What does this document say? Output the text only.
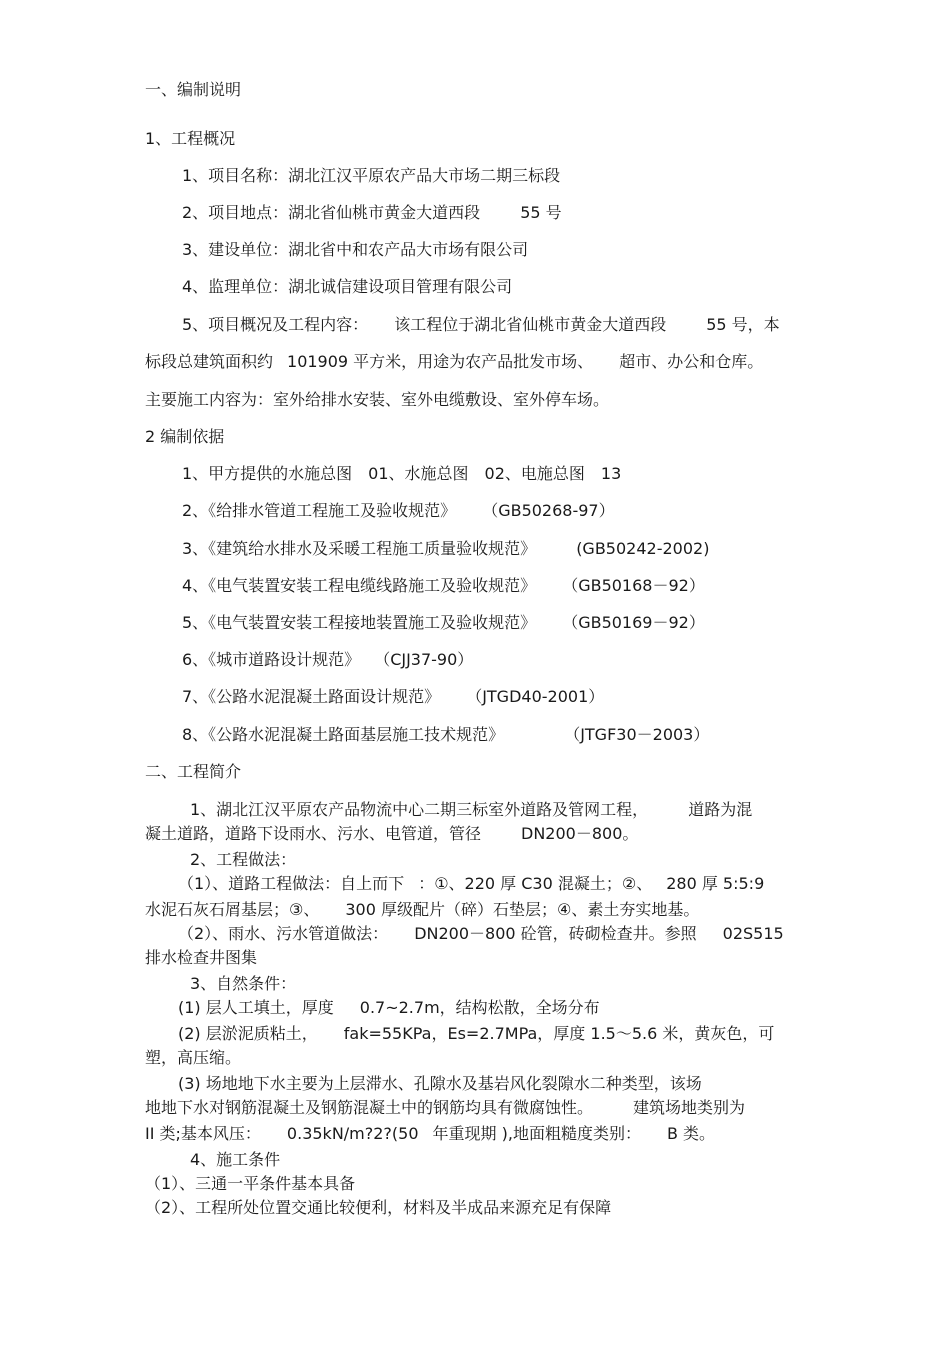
一、编制说明
1、工程概况
1、项目名称：湖北江汉平原农产品大市场二期三标段
2、项目地点：湖北省仙桃市黄金大道西段	55 号
3、建设单位：湖北省中和农产品大市场有限公司
4、监理单位：湖北诚信建设项目管理有限公司
5、项目概况及工程内容： 该工程位于湖北省仙桃市黄金大道西段	55 号，本
标段总建筑面积约 101909 平方米，用途为农产品批发市场、 超市、办公和仓库。
主要施工内容为：室外给排水安装、室外电缆敷设、室外停车场。
2 编制依据
1、甲方提供的水施总图　01、水施总图　02、电施总图　13
2、《给排水管道工程施工及验收规范》 （GB50268-97）
3、《建筑给水排水及采暖工程施工质量验收规范》	(GB50242-2002)
4、《电气装置安装工程电缆线路施工及验收规范》 （GB50168－92）
5、《电气装置安装工程接地装置施工及验收规范》 （GB50169－92）
6、《城市道路设计规范》 （CJJ37-90）
7、《公路水泥混凝土路面设计规范》 （JTGD40-2001）
8、《公路水泥混凝土路面基层施工技术规范》	（JTGF30－2003）
二、工程简介
1、湖北江汉平原农产品物流中心二期三标室外道路及管网工程，	道路为混
凝土道路，道路下设雨水、污水、电管道，管径	DN200－800。
2、工程做法：
（1）、道路工程做法：自上而下 ：①、220 厚 C30 混凝土；②、 280 厚 5:5:9
水泥石灰石屑基层；③、 300 厚级配片（碎）石垫层；④、素土夯实地基。
（2）、雨水、污水管道做法： DN200－800 砼管，砖砌检查井。参照 02S515
排水检查井图集
3、自然条件：
(1) 层人工填土，厚度 0.7~2.7m，结构松散，全场分布
(2) 层淤泥质粘土， fak=55KPa，Es=2.7MPa，厚度 1.5～5.6 米，黄灰色，可
塑，高压缩。
(3) 场地地下水主要为上层滞水、孔隙水及基岩风化裂隙水二种类型，该场
地地下水对钢筋混凝土及钢筋混凝土中的钢筋均具有微腐蚀性。	建筑场地类别为
II 类;基本风压： 0.35kN/m?2?(50 年重现期 ),地面粗糙度类别： B 类。
4、施工条件
（1）、三通一平条件基本具备
（2）、工程所处位置交通比较便利，材料及半成品来源充足有保障
